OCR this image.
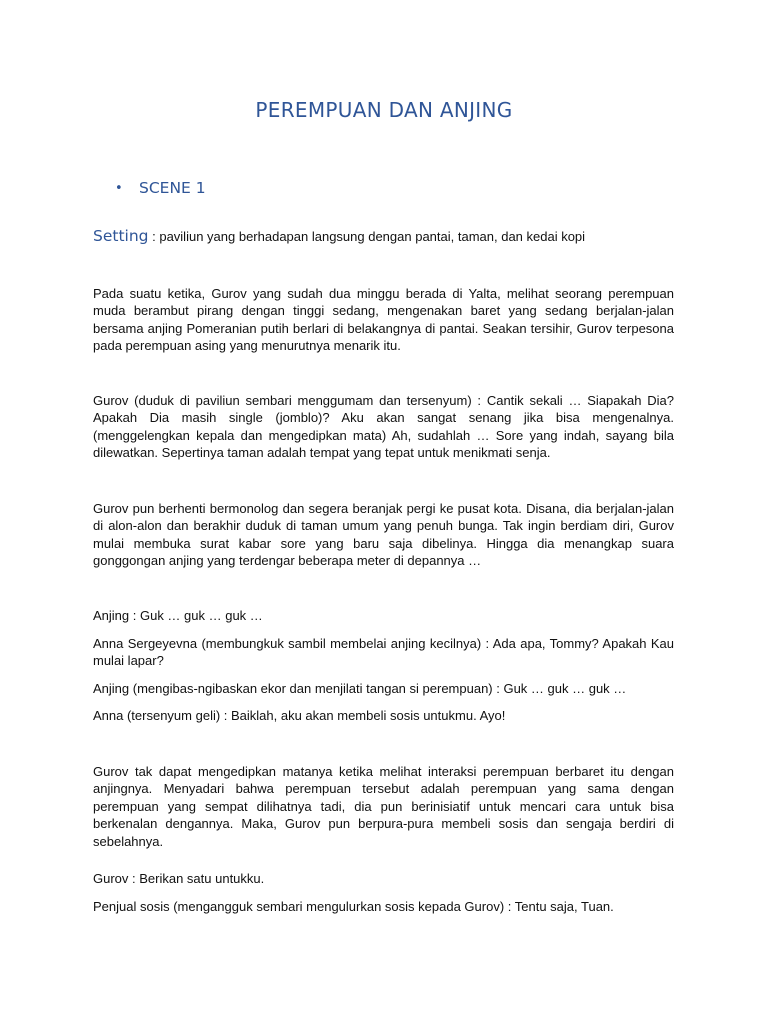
PEREMPUAN DAN ANJING
• SCENE 1
Setting : paviliun yang berhadapan langsung dengan pantai, taman, dan kedai kopi

Pada suatu ketika, Gurov yang sudah dua minggu berada di Yalta, melihat seorang perempuan muda berambut pirang dengan tinggi sedang, mengenakan baret yang sedang berjalan-jalan bersama anjing Pomeranian putih berlari di belakangnya di pantai. Seakan tersihir, Gurov terpesona pada perempuan asing yang menurutnya menarik itu.

Gurov (duduk di paviliun sembari menggumam dan tersenyum) : Cantik sekali … Siapakah Dia? Apakah Dia masih single (jomblo)? Aku akan sangat senang jika bisa mengenalnya. (menggelengkan kepala dan mengedipkan mata) Ah, sudahlah … Sore yang indah, sayang bila dilewatkan. Sepertinya taman adalah tempat yang tepat untuk menikmati senja.

Gurov pun berhenti bermonolog dan segera beranjak pergi ke pusat kota. Disana, dia berjalan-jalan di alon-alon dan berakhir duduk di taman umum yang penuh bunga. Tak ingin berdiam diri, Gurov mulai membuka surat kabar sore yang baru saja dibelinya. Hingga dia menangkap suara gonggongan anjing yang terdengar beberapa meter di depannya …

Anjing : Guk … guk … guk …

Anna Sergeyevna (membungkuk sambil membelai anjing kecilnya) : Ada apa, Tommy? Apakah Kau mulai lapar?

Anjing (mengibas-ngibaskan ekor dan menjilati tangan si perempuan) : Guk … guk … guk …

Anna (tersenyum geli) : Baiklah, aku akan membeli sosis untukmu. Ayo!

Gurov tak dapat mengedipkan matanya ketika melihat interaksi perempuan berbaret itu dengan anjingnya. Menyadari bahwa perempuan tersebut adalah perempuan yang sama dengan perempuan yang sempat dilihatnya tadi, dia pun berinisiatif untuk mencari cara untuk bisa berkenalan dengannya. Maka, Gurov pun berpura-pura membeli sosis dan sengaja berdiri di sebelahnya.

Gurov : Berikan satu untukku.

Penjual sosis (mengangguk sembari mengulurkan sosis kepada Gurov) : Tentu saja, Tuan.
